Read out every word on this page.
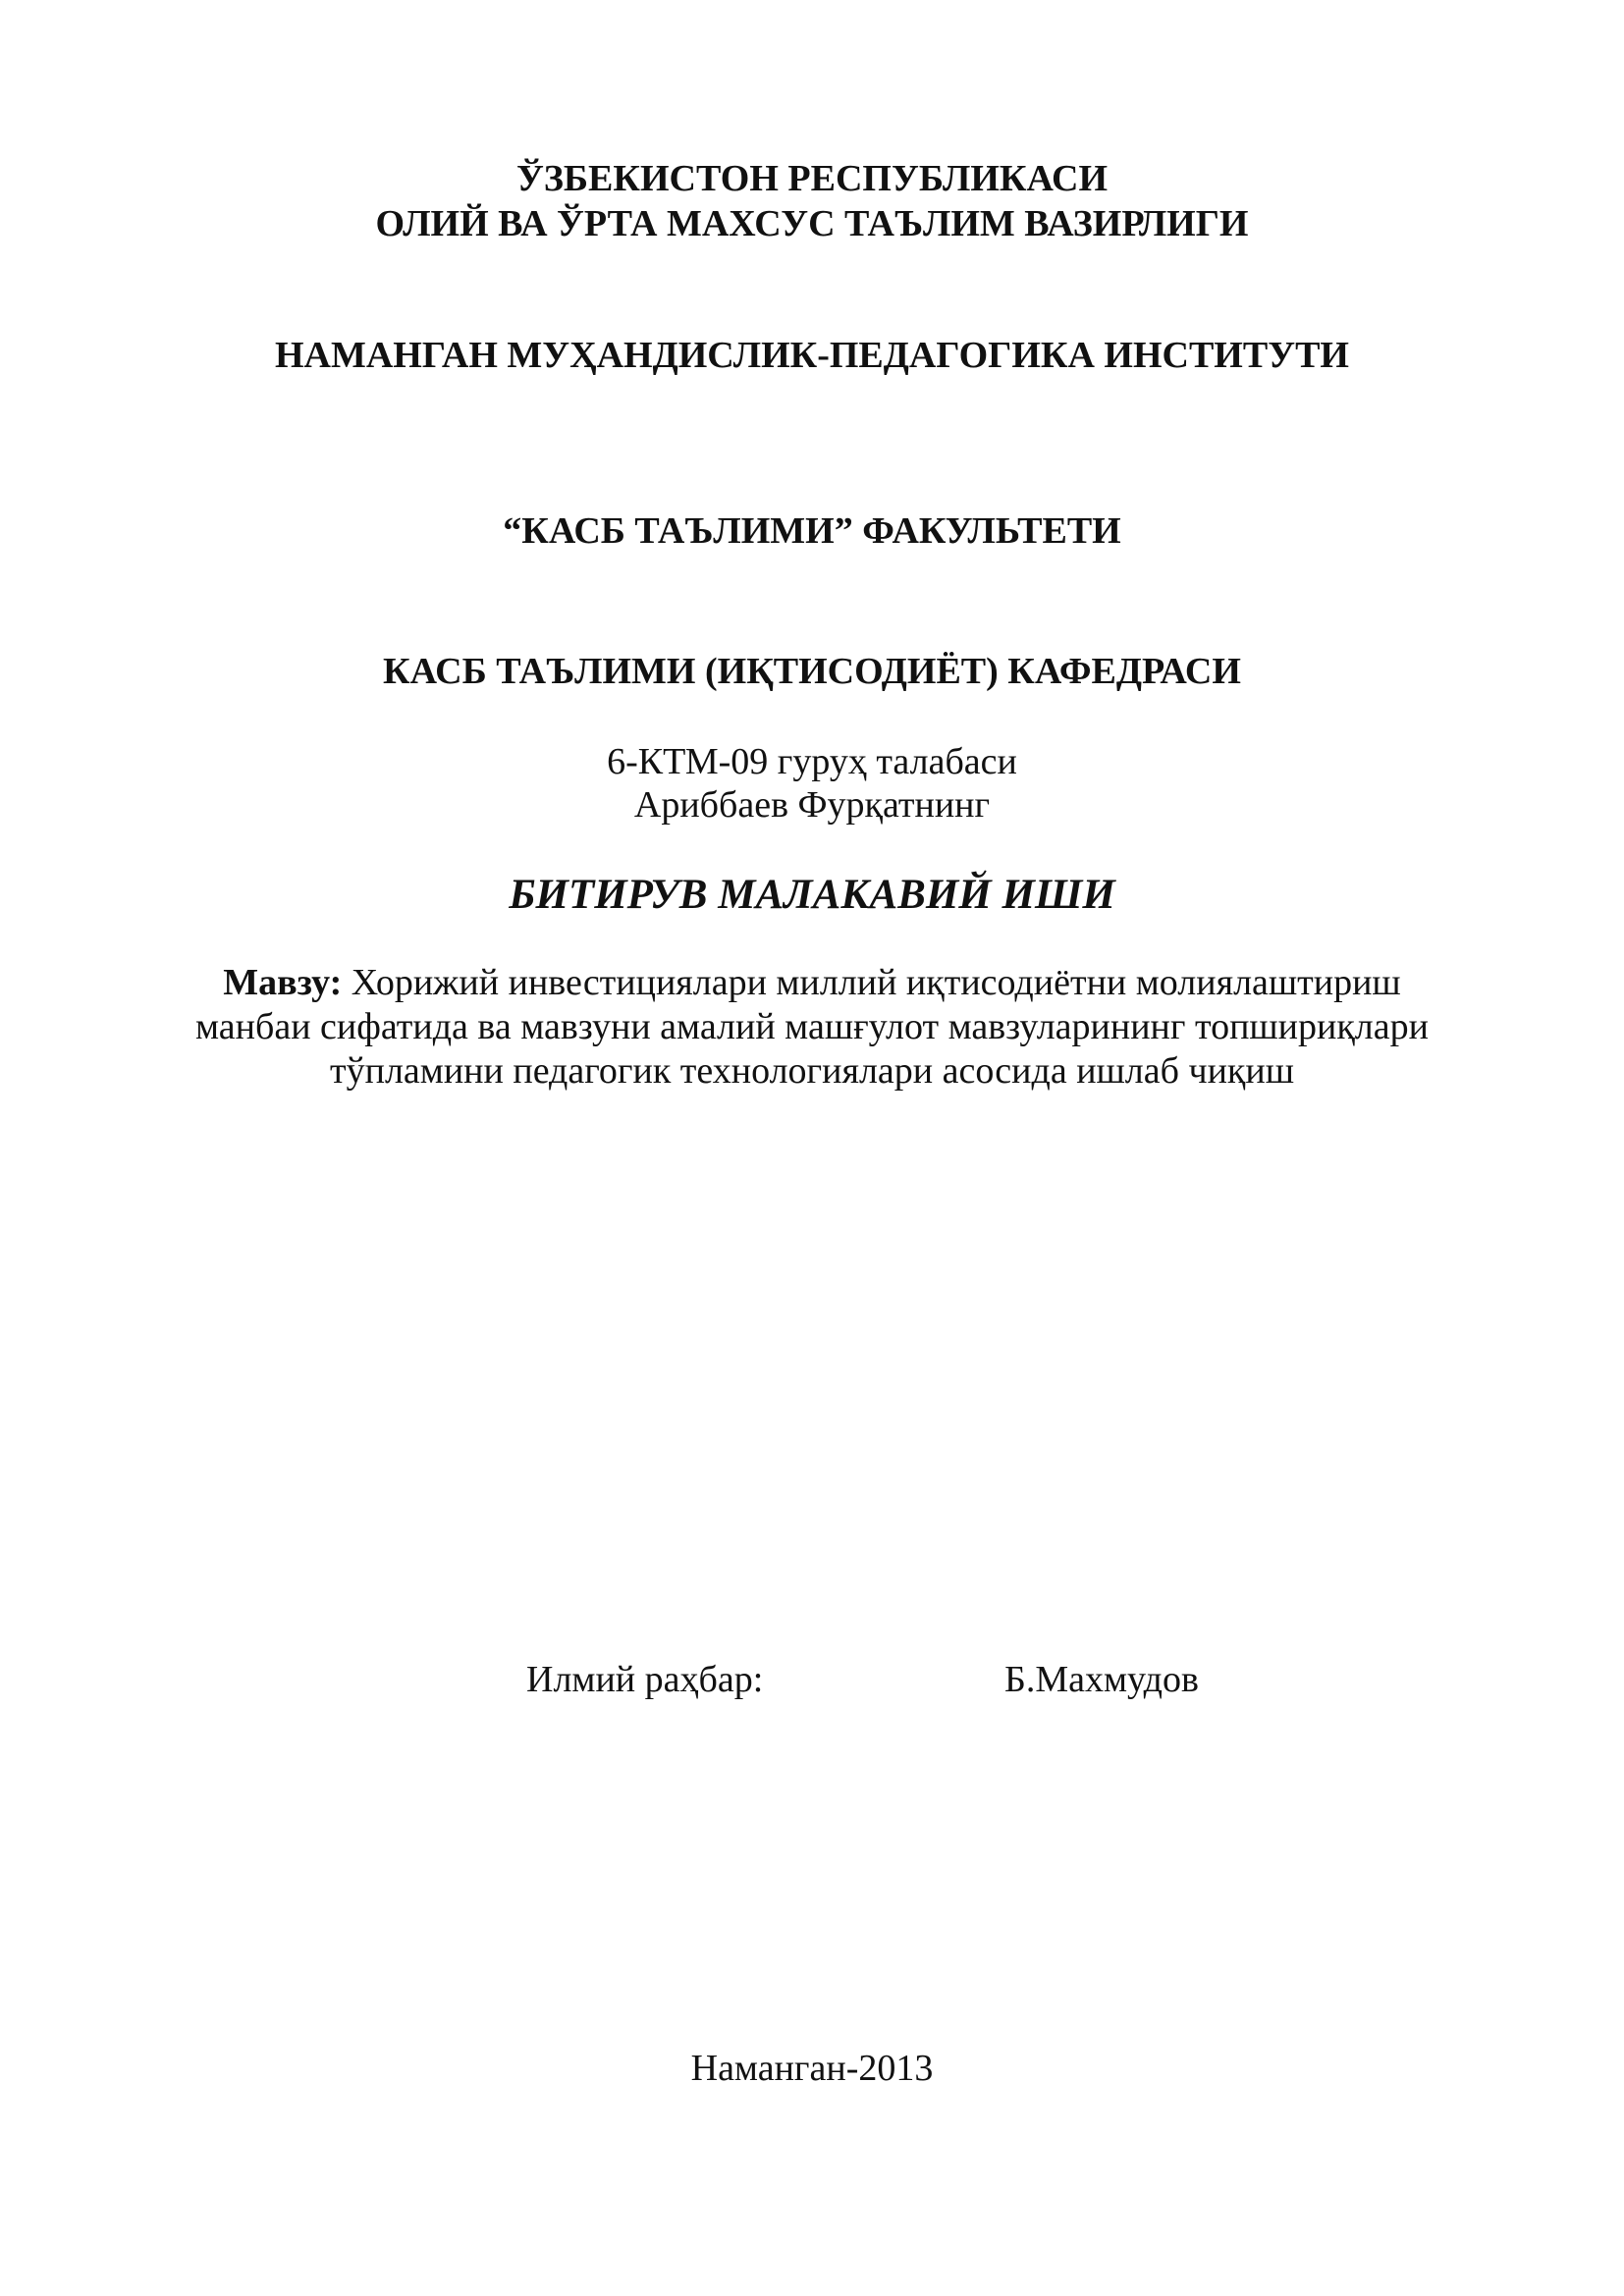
ЎЗБЕКИСТОН РЕСПУБЛИКАСИ
ОЛИЙ ВА ЎРТА МАХСУС ТАЪЛИМ ВАЗИРЛИГИ
НАМАНГАН МУҲАНДИСЛИК-ПЕДАГОГИКА ИНСТИТУТИ
“КАСБ ТАЪЛИМИ” ФАКУЛЬТЕТИ
КАСБ ТАЪЛИМИ (ИҚТИСОДИЁТ) КАФЕДРАСИ
6-КТМ-09 гуруҳ талабаси
Ариббаев Фурқатнинг
БИТИРУВ МАЛАКАВИЙ ИШИ
Мавзу: Хорижий инвестициялари миллий иқтисодиётни молиялаштириш
манбаи сифатида ва мавзуни амалий машғулот мавзуларининг топшириқлари
тўпламини педагогик технологиялари асосида ишлаб чиқиш
Илмий раҳбар:	Б.Махмудов
Наманган-2013
